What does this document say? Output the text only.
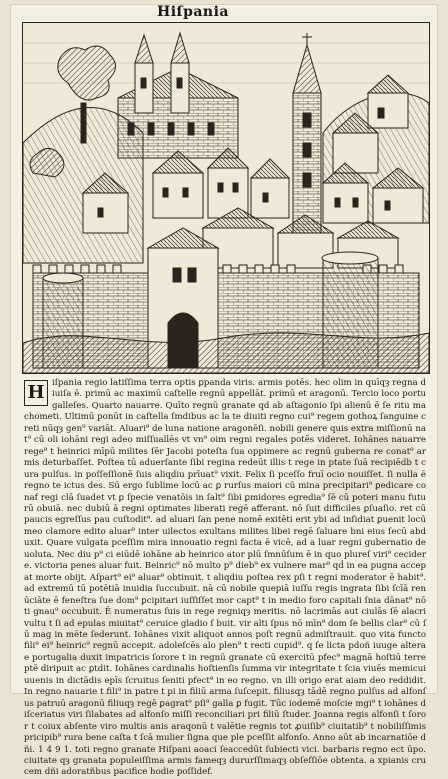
Hiſpania
H iſpania regio latiſſima terra optis ꝑpanda viris. armis potēs. hec olim in quīqȝ regna diuiſa ē. primū ac maximū caſtelle regnū appellāt. primū et aragonū. Tercio loco portugalleſes. Quarto nauarre. Quīto regnū granate qd ab aſtagonio ſpi alienū ē ſe ritu machometi. Ultimū ponūt in caſtella ſmdibus ac la te diuiti regno cui⁹ regem gothoꝝ ſanguine creti nūqȝ gen⁹ variāt. Aluari⁹ de luna natione aragonēſi. nobili genere quis extra miſſionū nat⁹ cū oli iohāni regi adeo miſſuallēs vt vn⁹ oim regni regales potēs videret. Iohānes nauarre rege⁹ t heinrici mīpū milites ſēr Jacobi poteſta ſua oppimere ac regnū guberna re conat⁹ armis deturbaſſet. Poſtea tū aduerſante ſibi regina redeūt illis t rege in ptate ſuā recipiēdb t cura pulſus. in poſſeſſionē ſuis aliqdiu prīuat⁹ vixit. Felix ſi pceſſo fruī ocio nouiſſet. ſi nulla ē regno te ictus des. Sū ergo ſublime locū ac ꝑ rurſus maiori cū mina precipitari⁹ ꝑedicare conaf regi clā ſuadet vt ꝑ ſpecie venatōis in ſalt⁹ ſibi ꝑmidores egredia⁹ ſē cū poteri manu futurū obuiā. nec dubiū ā regni optimates liberati regē afferant. nō ſuit difficiles ꝑſuaſio. ret cū paucis egreſſus pau cuſtodit⁹. ad aluari ſan pene nomē exitēti erit ybi ad inſidiat ꝑuenit locū meo clamore edito aluar⁹ inter uilectos exultans milites libei regē ſaluare bni eius ſecū abduxit. Quare vulgata pceſſim mira innouatio regni facta ē vicē, ad a luar regni gubernatio deuoluta. Nec diu p⁹ ci eiūdē iohāne ab heinrico ator plū ſmnūſum ē in quo plureſ viri⁹ cecidere. victoria penes aluar fuit. Beinric⁹ nō multo p⁹ dieb⁹ ex vulnere mar⁹ qḋ in ea pugna accep at morte obijt. Aſpart⁹ ei⁹ aluar⁹ obtinuit. t aliqdiu poſtea rex pſi t regni moderator ē habit⁹. ad extremū tū potētiā inuidia ſuccubuit. nā cū nobile quepiā iuſſu regis ingrata ſibi ſcīā renūciāte ē feneſtra ſue dom⁹ ꝑcipitari iuſſiſſet mor capt⁹ t in medio foro capitali ſnia dānat⁹ nō ti gnau⁹ occubuit. Ē numeratus ſuis in rege regniqȝ meritis. nō lacrimās aut ciulās ſē alacri vultu t ſi ad epulas miuitat⁹ ceruice gladio ſ buit. vir alti ſpus nō mīn⁹ dom ſe bellis clar⁹ cū ſū mag in mēte ſederunt. Iohānes vixit aliquot annos poſt regnū admiſtrauit. quo vita functo fili⁹ ei⁹ heinric⁹ regnū accepit. adoleſcēs alo plen⁹ t recti cupid⁹. q ſe licta pdoñ iuuge altera e portugalia duxit impatricis ſorore t in regnū granate cū exercitū pfec⁹ magnā hoſtiū terre ptē diripuit ac ꝑtdit. Iohānes cardinalis hoſtienſis ſumma vir integritate t ſcia viuēs memicui uuenis in dictādis epīs ſcruitus ſeniti pfect⁹ in eo regno. vn illi origo erat aiam deo reddidit. In regno nauarie t fili⁹ in patre t pi in filiū arma ſuſcepit. filiusqȝ tādē regno pulſus ad alfonſus patruū aragonū filiuqȝ regē ꝑagrat⁹ pſi⁹ galla ꝑ fugit. Tūc iodemē moſcie mgi⁹ t iohānes diſceriatus viri ſilabates ad alfonſo miſſi reconciliari pri filiū ſtuder. Joanna regis alfonſi t ſoror t coiux abſente viro multis anis araqonū t valētie regnis tot ꝓuiſib⁹ ciuitatib⁹ t nobiliſſimis pricipib⁹ rura bene caſta t ſcā mulier ſigna que ple pceſſit alfonſo. Anno aūt ab incarnatiōe dñi. 1 4 9 1. toti regno granate Hiſpani aoaci ſeaccedūt ſubiecti vici. barbaris regno ect ūpo. ciuitate qȝ granata populeiſſima armis fameqȝ dururſſimaqȝ obſeſſiōe obtenta. a xpianis crucem dñi adoratñbus pacifice hodie poſſidef.
